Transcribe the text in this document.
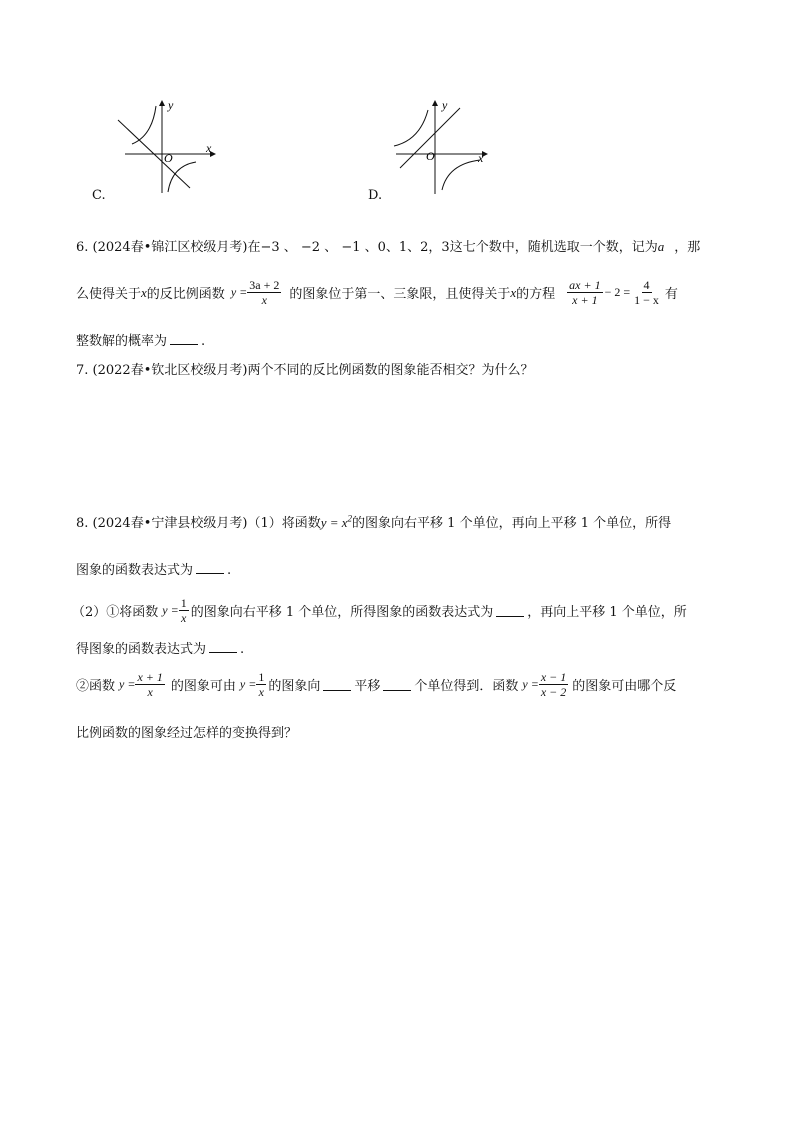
y
x
O
C.
y
x
O
D.
6. (2024春•锦江区校级月考)在−3 、 −2 、 −1 、0、1、2，3这七个数中，随机选取一个数，记为a ，那
么使得关于 x 的反比例函数 $y = \frac{3a + 2}{x}$ 的图象位于第一、三象限，且使得关于 x 的方程 $\frac{ax + 1}{x + 1} - 2 = \frac{4}{1 - x}$ 有
整数解的概率为	.
7. (2022春•钦北区校级月考)两个不同的反比例函数的图象能否相交？为什么？
8. (2024春•宁津县校级月考)（1）将函数$y = x^2$的图象向右平移 1 个单位，再向上平移 1 个单位，所得
图象的函数表达式为	.
（2）①将函数 $y = \frac{1}{x}$ 的图象向右平移 1 个单位，所得图象的函数表达式为	，再向上平移 1 个单位，所
得图象的函数表达式为	.
②函数 $y = \frac{x + 1}{x}$ 的图象可由 $y = \frac{1}{x}$ 的图象向	平移	个单位得到．函数 $y = \frac{x - 1}{x - 2}$ 的图象可由哪个反
比例函数的图象经过怎样的变换得到？
